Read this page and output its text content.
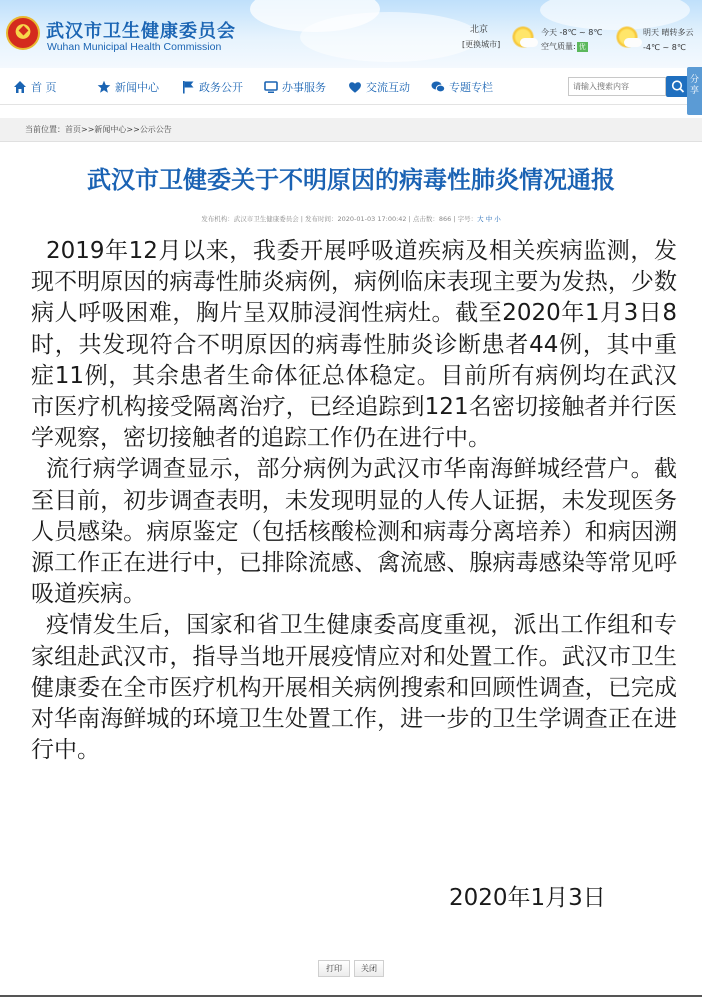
武汉市卫生健康委员会
Wuhan Municipal Health Commission
北京
[更换城市]
今天 -8℃ ~ 8℃
空气质量: 优
明天 晴转多云
-4℃ ~ 8℃
首 页	新闻中心	政务公开	办事服务	交流互动	专题专栏
请输入搜索内容
分享
当前位置：首页>>新闻中心>>公示公告
武汉市卫健委关于不明原因的病毒性肺炎情况通报
发布机构：武汉市卫生健康委员会 | 发布时间：2020-01-03 17:00:42 | 点击数：866 | 字号：大 中 小

2019年12月以来，我委开展呼吸道疾病及相关疾病监测，发现不明原因的病毒性肺炎病例，病例临床表现主要为发热，少数病人呼吸困难，胸片呈双肺浸润性病灶。截至2020年1月3日8时，共发现符合不明原因的病毒性肺炎诊断患者44例，其中重症11例，其余患者生命体征总体稳定。目前所有病例均在武汉市医疗机构接受隔离治疗，已经追踪到121名密切接触者并行医学观察，密切接触者的追踪工作仍在进行中。

流行病学调查显示，部分病例为武汉市华南海鲜城经营户。截至目前，初步调查表明，未发现明显的人传人证据，未发现医务人员感染。病原鉴定（包括核酸检测和病毒分离培养）和病因溯源工作正在进行中，已排除流感、禽流感、腺病毒感染等常见呼吸道疾病。

疫情发生后，国家和省卫生健康委高度重视，派出工作组和专家组赴武汉市，指导当地开展疫情应对和处置工作。武汉市卫生健康委在全市医疗机构开展相关病例搜索和回顾性调查，已完成对华南海鲜城的环境卫生处置工作，进一步的卫生学调查正在进行中。

2020年1月3日
打印	关闭
